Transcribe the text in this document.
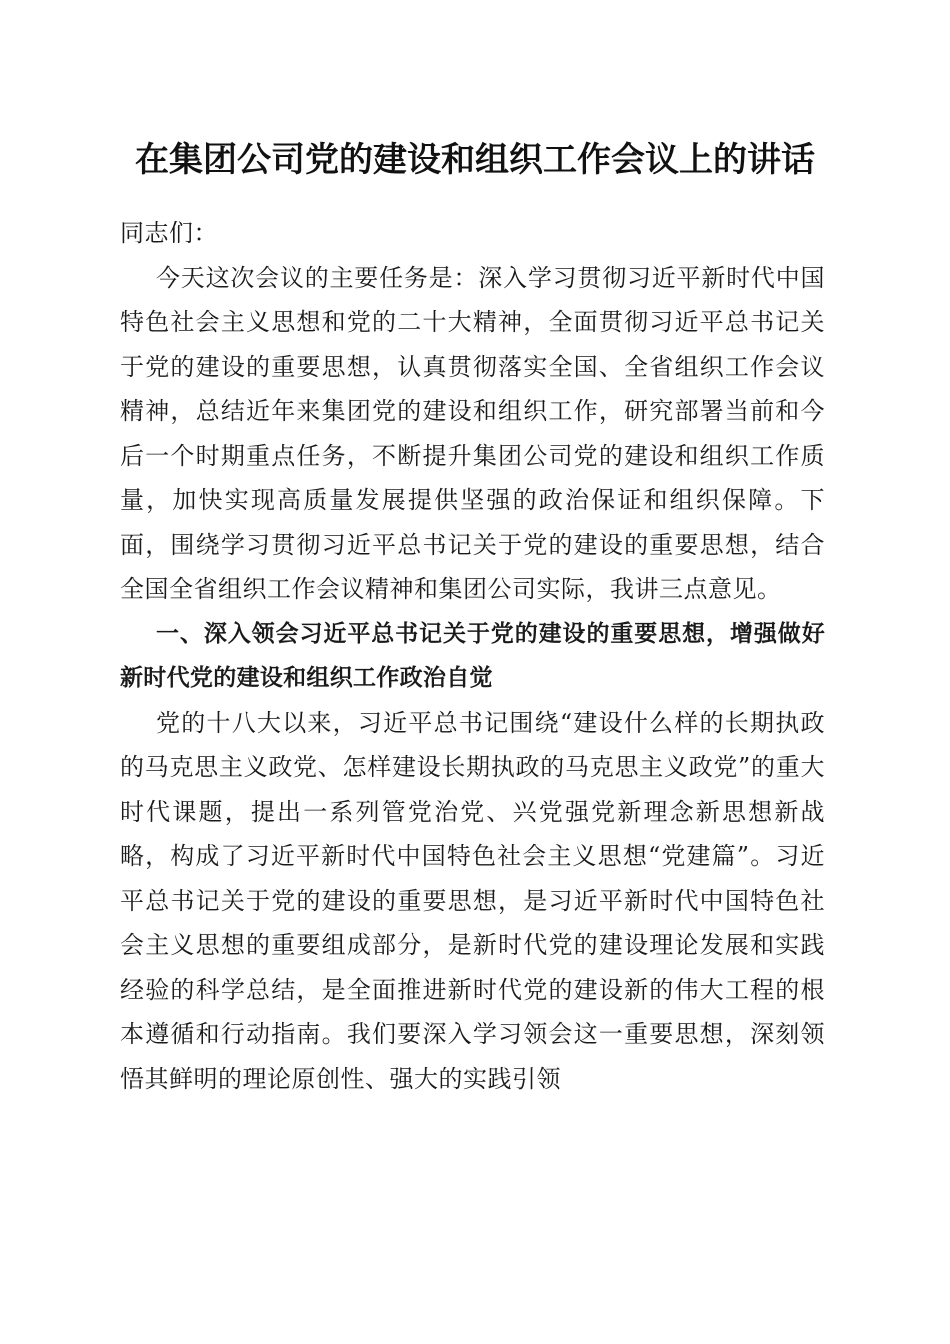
在集团公司党的建设和组织工作会议上的讲话

同志们：

今天这次会议的主要任务是：深入学习贯彻习近平新时代中国特色社会主义思想和党的二十大精神，全面贯彻习近平总书记关于党的建设的重要思想，认真贯彻落实全国、全省组织工作会议精神，总结近年来集团党的建设和组织工作，研究部署当前和今后一个时期重点任务，不断提升集团公司党的建设和组织工作质量，加快实现高质量发展提供坚强的政治保证和组织保障。下面，围绕学习贯彻习近平总书记关于党的建设的重要思想，结合全国全省组织工作会议精神和集团公司实际，我讲三点意见。

一、深入领会习近平总书记关于党的建设的重要思想，增强做好新时代党的建设和组织工作政治自觉

党的十八大以来，习近平总书记围绕“建设什么样的长期执政的马克思主义政党、怎样建设长期执政的马克思主义政党”的重大时代课题，提出一系列管党治党、兴党强党新理念新思想新战略，构成了习近平新时代中国特色社会主义思想“党建篇”。习近平总书记关于党的建设的重要思想，是习近平新时代中国特色社会主义思想的重要组成部分，是新时代党的建设理论发展和实践经验的科学总结，是全面推进新时代党的建设新的伟大工程的根本遵循和行动指南。我们要深入学习领会这一重要思想，深刻领悟其鲜明的理论原创性、强大的实践引领
